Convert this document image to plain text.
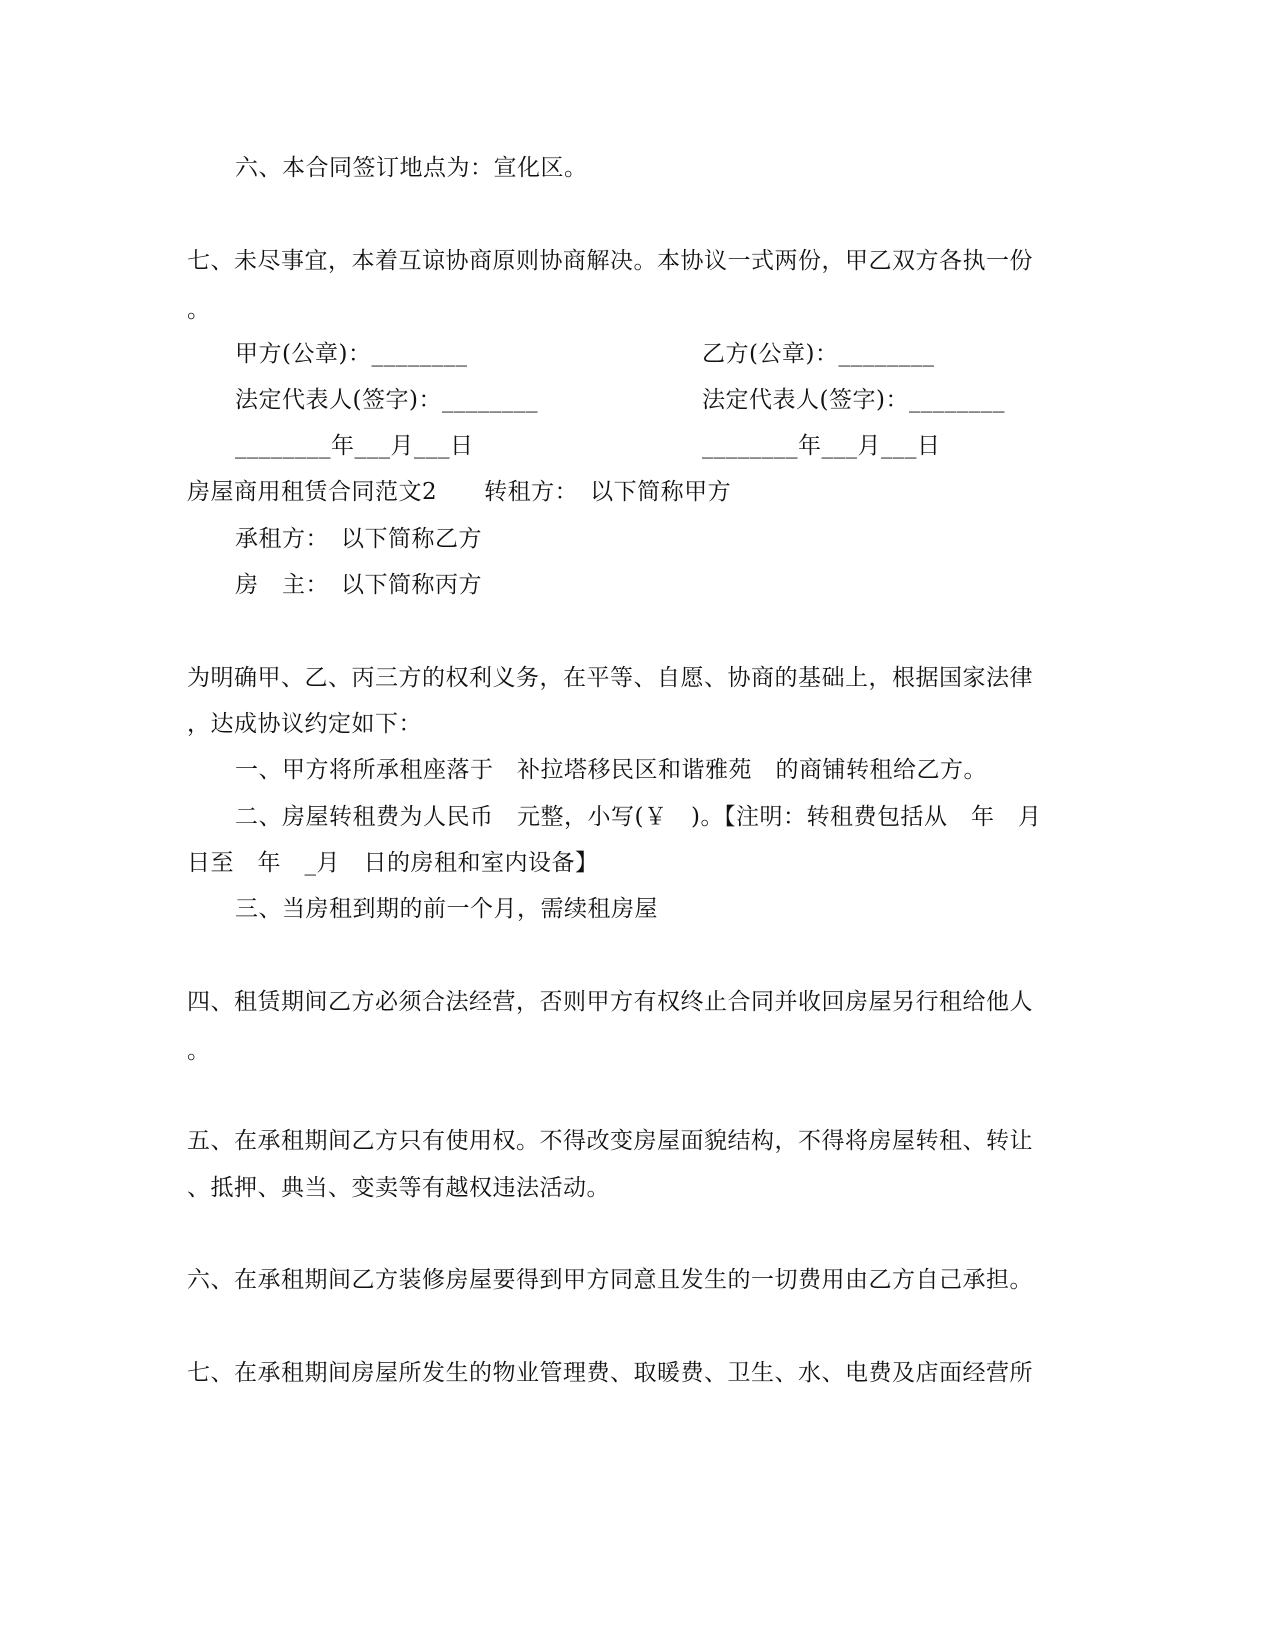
六、本合同签订地点为：宣化区。
七、未尽事宜，本着互谅协商原则协商解决。本协议一式两份，甲乙双方各执一份
。
甲方(公章)：________	乙方(公章)：________
法定代表人(签字)：________	法定代表人(签字)：________
________年___月___日	________年___月___日
房屋商用租赁合同范文2　　转租方：　以下简称甲方
承租方：　以下简称乙方
房　主：　以下简称丙方
为明确甲、乙、丙三方的权利义务，在平等、自愿、协商的基础上，根据国家法律
，达成协议约定如下：
一、甲方将所承租座落于　补拉塔移民区和谐雅苑　的商铺转租给乙方。
二、房屋转租费为人民币　元整，小写(￥　)。【注明：转租费包括从　年　月
日至　年　_月　日的房租和室内设备】
三、当房租到期的前一个月，需续租房屋
四、租赁期间乙方必须合法经营，否则甲方有权终止合同并收回房屋另行租给他人
。
五、在承租期间乙方只有使用权。不得改变房屋面貌结构，不得将房屋转租、转让
、抵押、典当、变卖等有越权违法活动。
六、在承租期间乙方装修房屋要得到甲方同意且发生的一切费用由乙方自己承担。
七、在承租期间房屋所发生的物业管理费、取暖费、卫生、水、电费及店面经营所
